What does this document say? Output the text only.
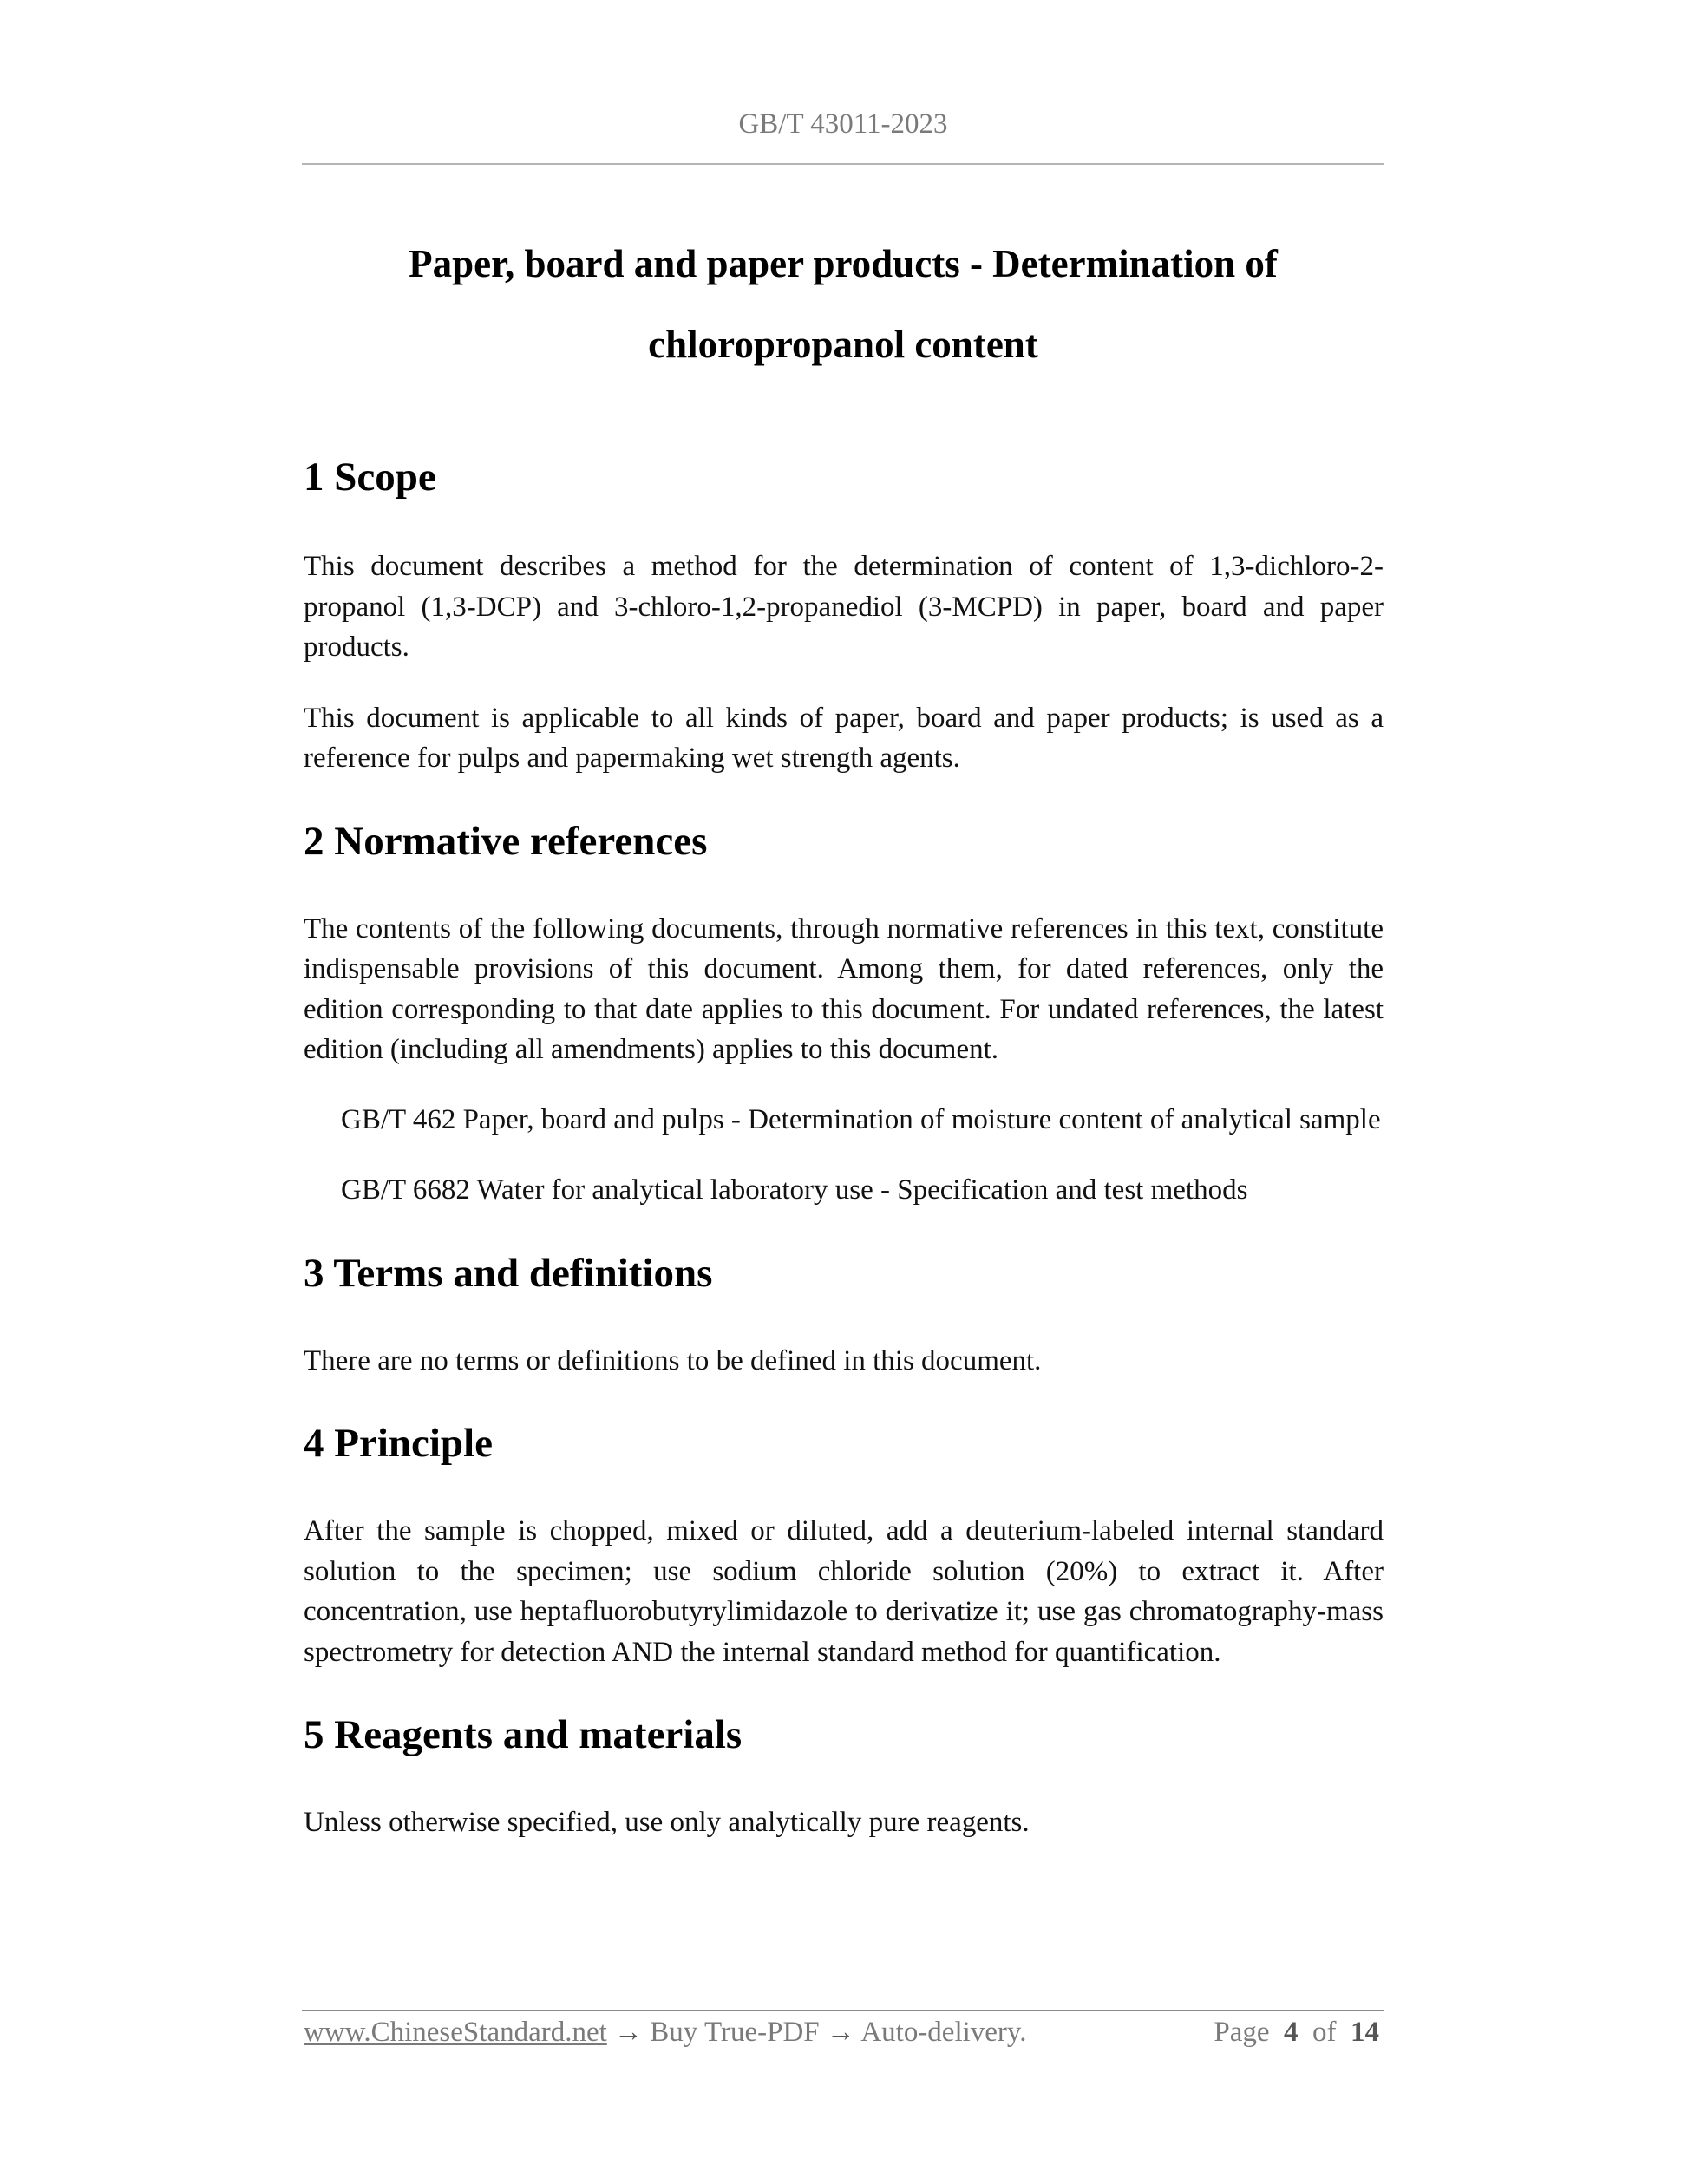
GB/T 43011-2023
Paper, board and paper products - Determination of
chloropropanol content
1 Scope

This document describes a method for the determination of content of 1,3-dichloro-2-propanol (1,3-DCP) and 3-chloro-1,2-propanediol (3-MCPD) in paper, board and paper products.

This document is applicable to all kinds of paper, board and paper products; is used as a reference for pulps and papermaking wet strength agents.

2 Normative references

The contents of the following documents, through normative references in this text, constitute indispensable provisions of this document. Among them, for dated references, only the edition corresponding to that date applies to this document. For undated references, the latest edition (including all amendments) applies to this document.

GB/T 462 Paper, board and pulps - Determination of moisture content of analytical sample

GB/T 6682 Water for analytical laboratory use - Specification and test methods

3 Terms and definitions

There are no terms or definitions to be defined in this document.

4 Principle

After the sample is chopped, mixed or diluted, add a deuterium-labeled internal standard solution to the specimen; use sodium chloride solution (20%) to extract it. After concentration, use heptafluorobutyrylimidazole to derivatize it; use gas chromatography-mass spectrometry for detection AND the internal standard method for quantification.

5 Reagents and materials

Unless otherwise specified, use only analytically pure reagents.

www.ChineseStandard.net → Buy True-PDF → Auto-delivery.	Page 4 of 14
